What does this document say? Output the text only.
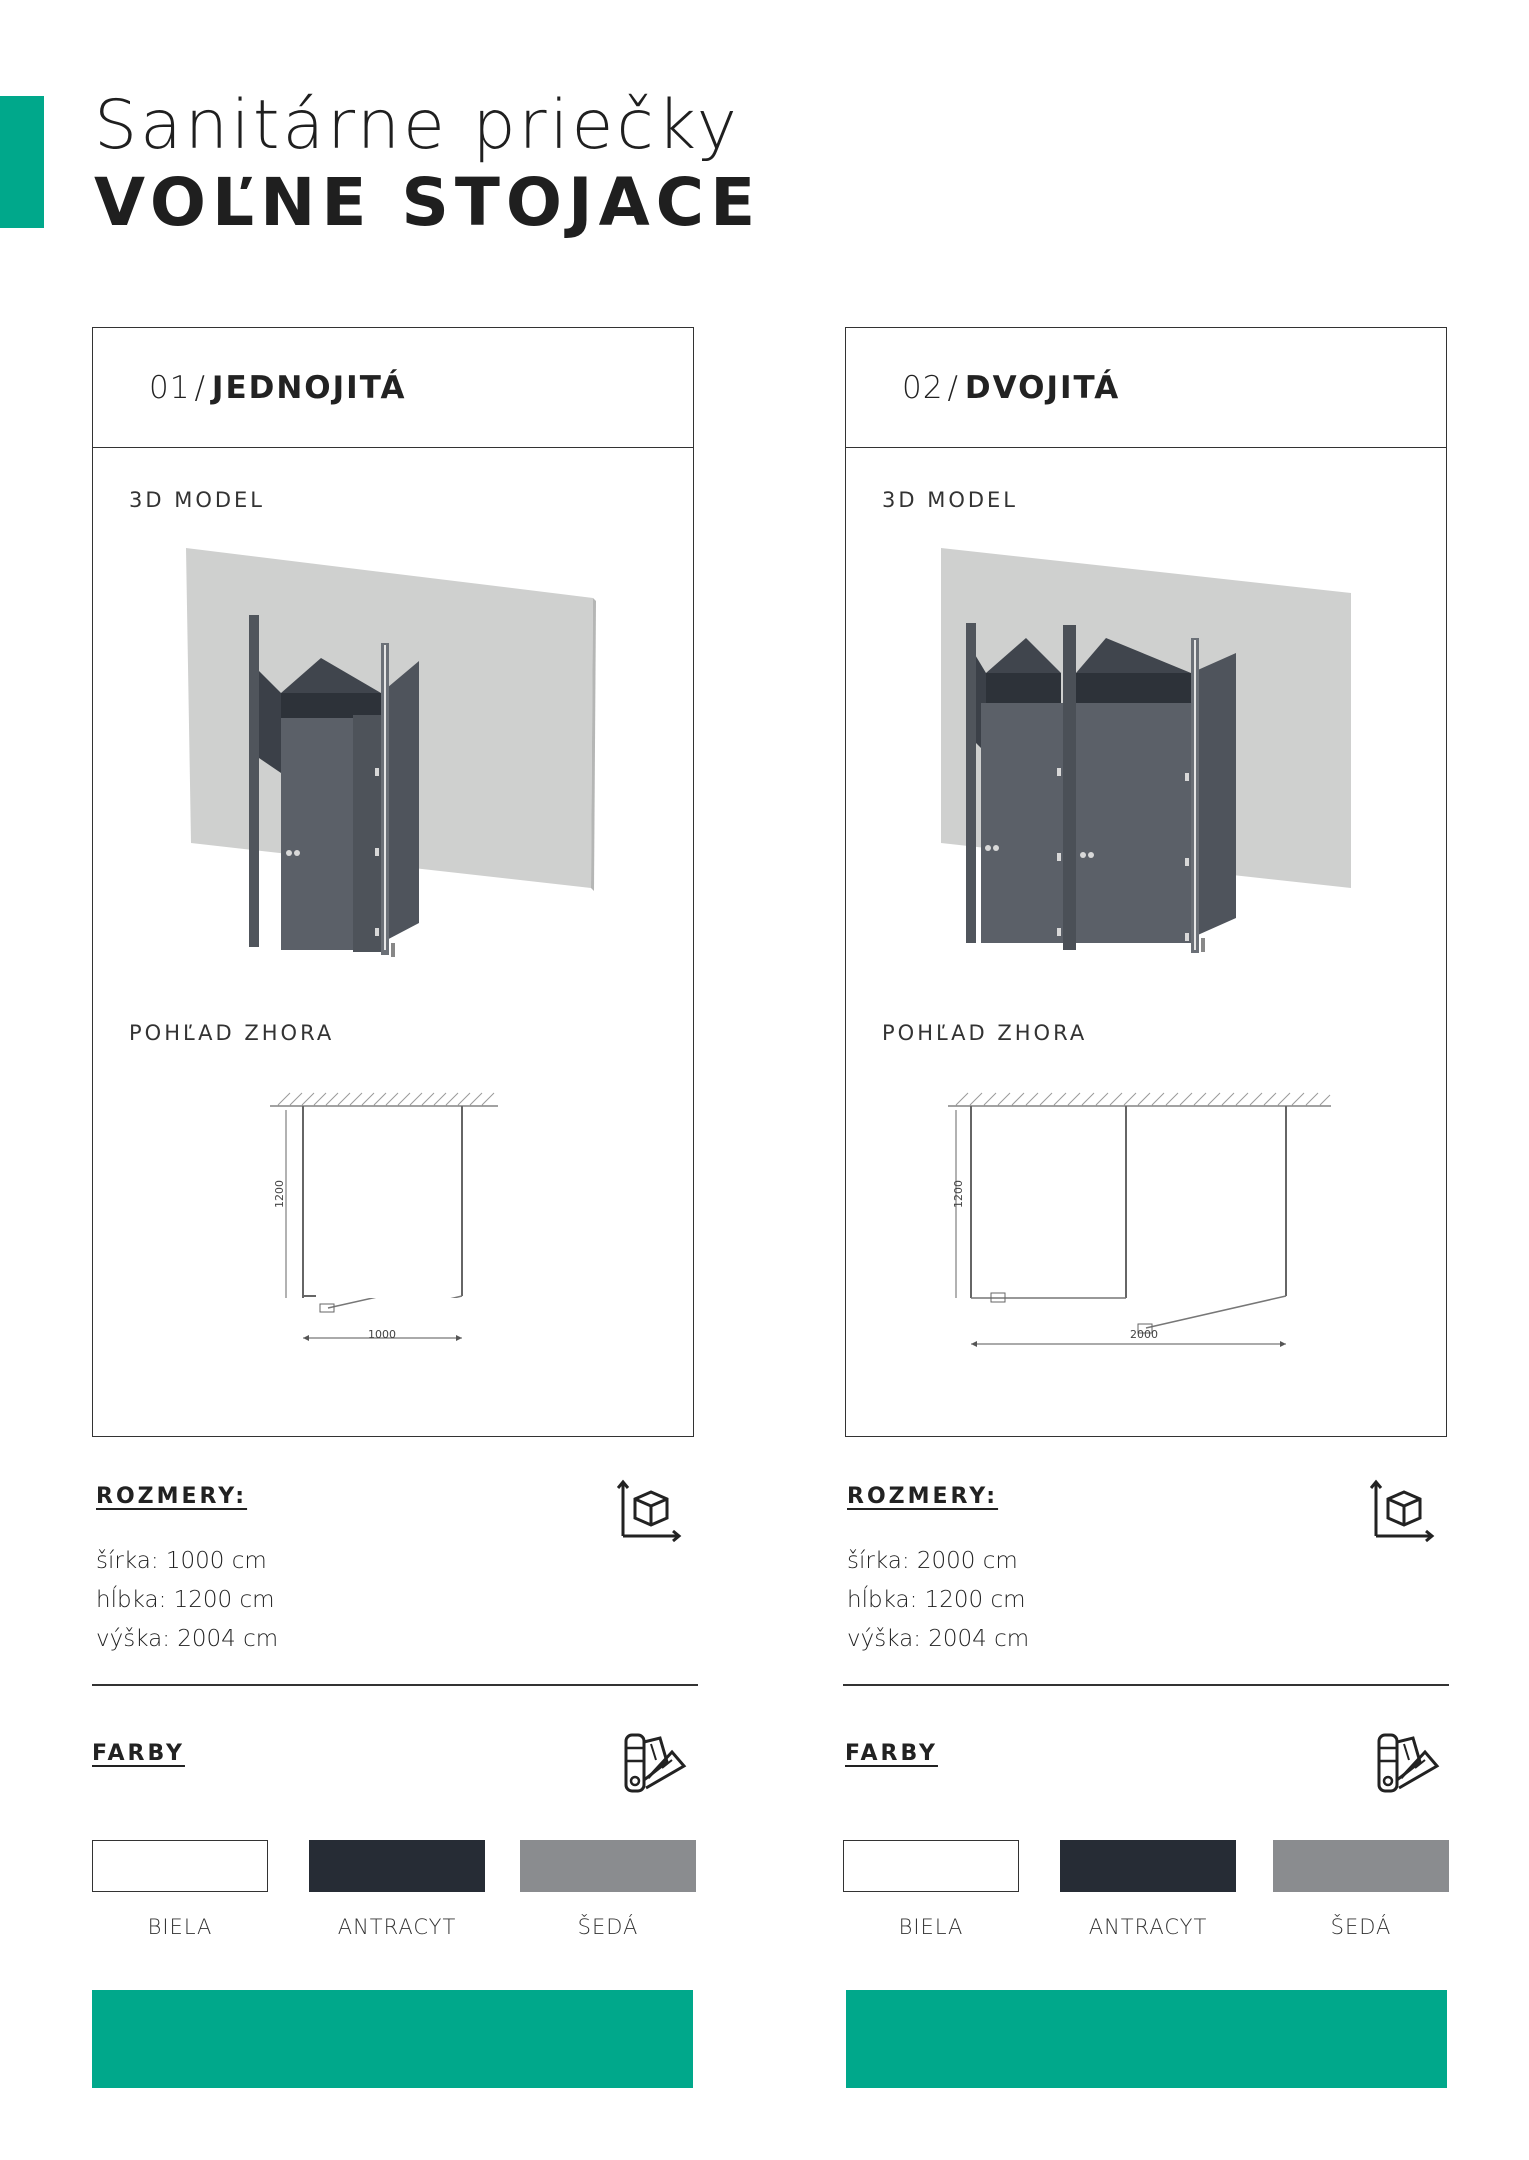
Sanitárne priečky
VOĽNE STOJACE
01 / JEDNOJITÁ
3D MODEL
POHĽAD ZHORA
1000
1200
02 / DVOJITÁ
3D MODEL
POHĽAD ZHORA
2000
1200
ROZMERY:
šírka: 1000 cm
hĺbka: 1200 cm
výška: 2004 cm
FARBY
BIELA	ANTRACYT	ŠEDÁ
ROZMERY:
šírka: 2000 cm
hĺbka: 1200 cm
výška: 2004 cm
FARBY
BIELA	ANTRACYT	ŠEDÁ
